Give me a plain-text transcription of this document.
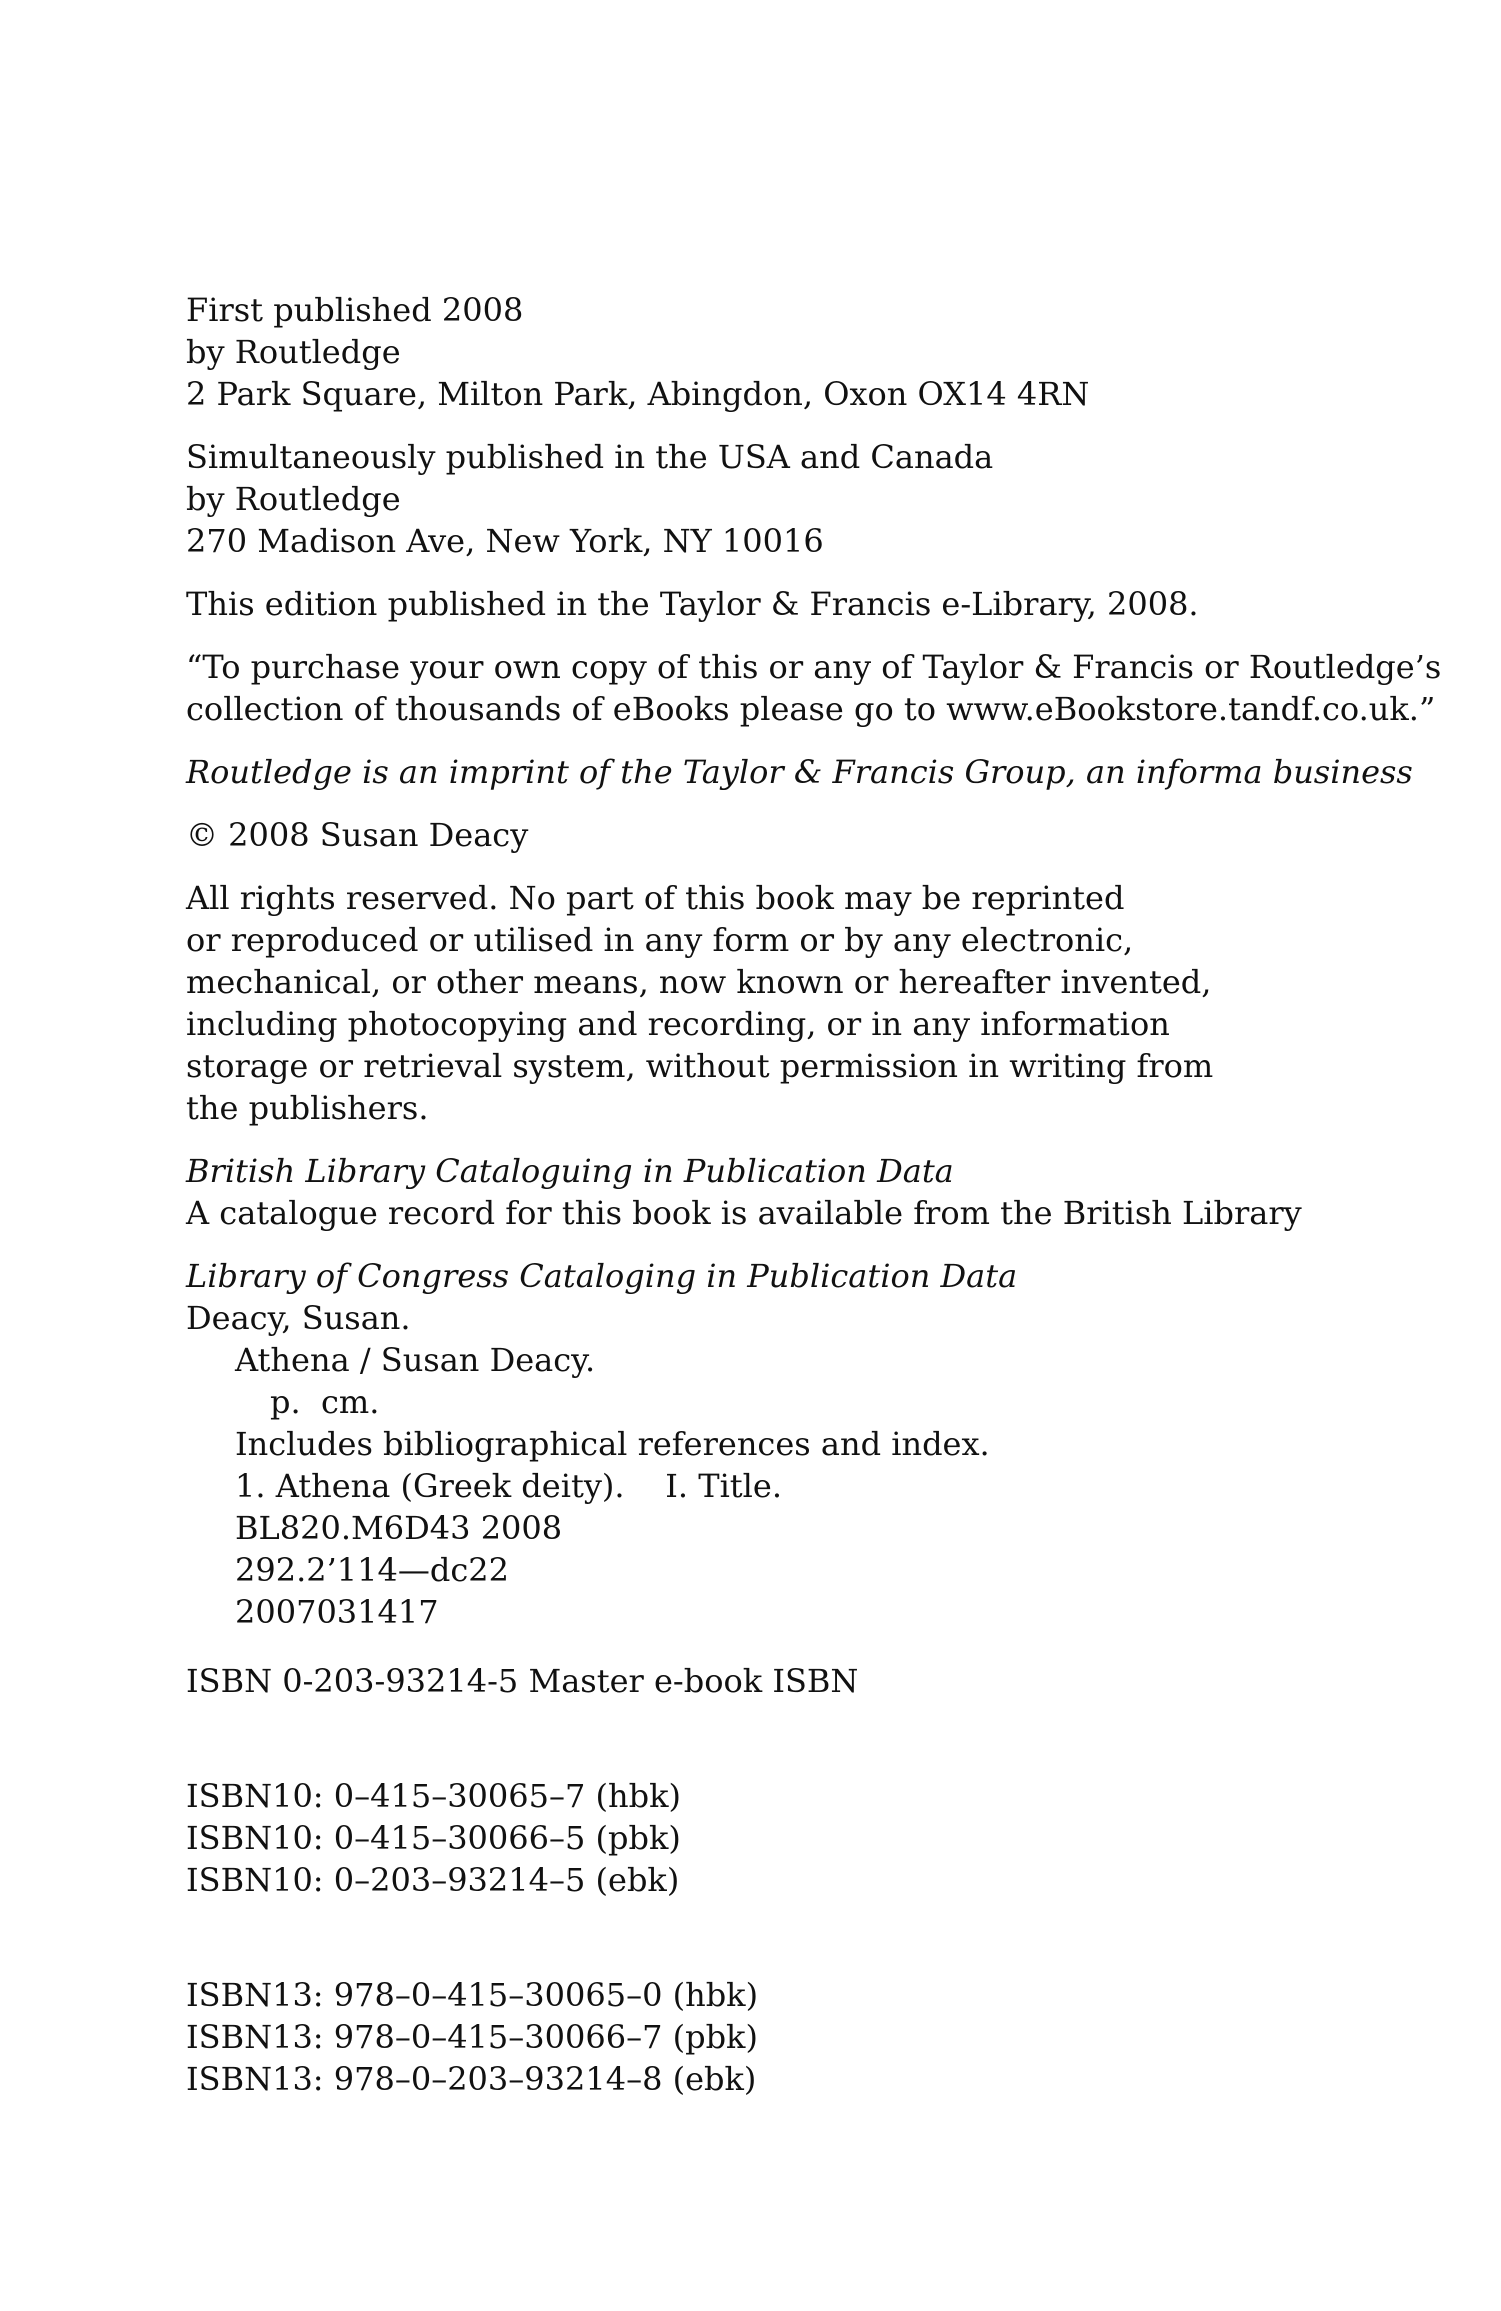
First published 2008
by Routledge
2 Park Square, Milton Park, Abingdon, Oxon OX14 4RN
Simultaneously published in the USA and Canada
by Routledge
270 Madison Ave, New York, NY 10016
This edition published in the Taylor & Francis e-Library, 2008.
“To purchase your own copy of this or any of Taylor & Francis or Routledge’s
collection of thousands of eBooks please go to www.eBookstore.tandf.co.uk.”
Routledge is an imprint of the Taylor & Francis Group, an informa business
© 2008 Susan Deacy
All rights reserved. No part of this book may be reprinted
or reproduced or utilised in any form or by any electronic,
mechanical, or other means, now known or hereafter invented,
including photocopying and recording, or in any information
storage or retrieval system, without permission in writing from
the publishers.
British Library Cataloguing in Publication Data
A catalogue record for this book is available from the British Library
Library of Congress Cataloging in Publication Data
Deacy, Susan.
Athena / Susan Deacy.
p.  cm.
Includes bibliographical references and index.
1. Athena (Greek deity).    I. Title.
BL820.M6D43 2008
292.2’114—dc22
2007031417
ISBN 0-203-93214-5 Master e-book ISBN
ISBN10: 0–415–30065–7 (hbk)
ISBN10: 0–415–30066–5 (pbk)
ISBN10: 0–203–93214–5 (ebk)
ISBN13: 978–0–415–30065–0 (hbk)
ISBN13: 978–0–415–30066–7 (pbk)
ISBN13: 978–0–203–93214–8 (ebk)
